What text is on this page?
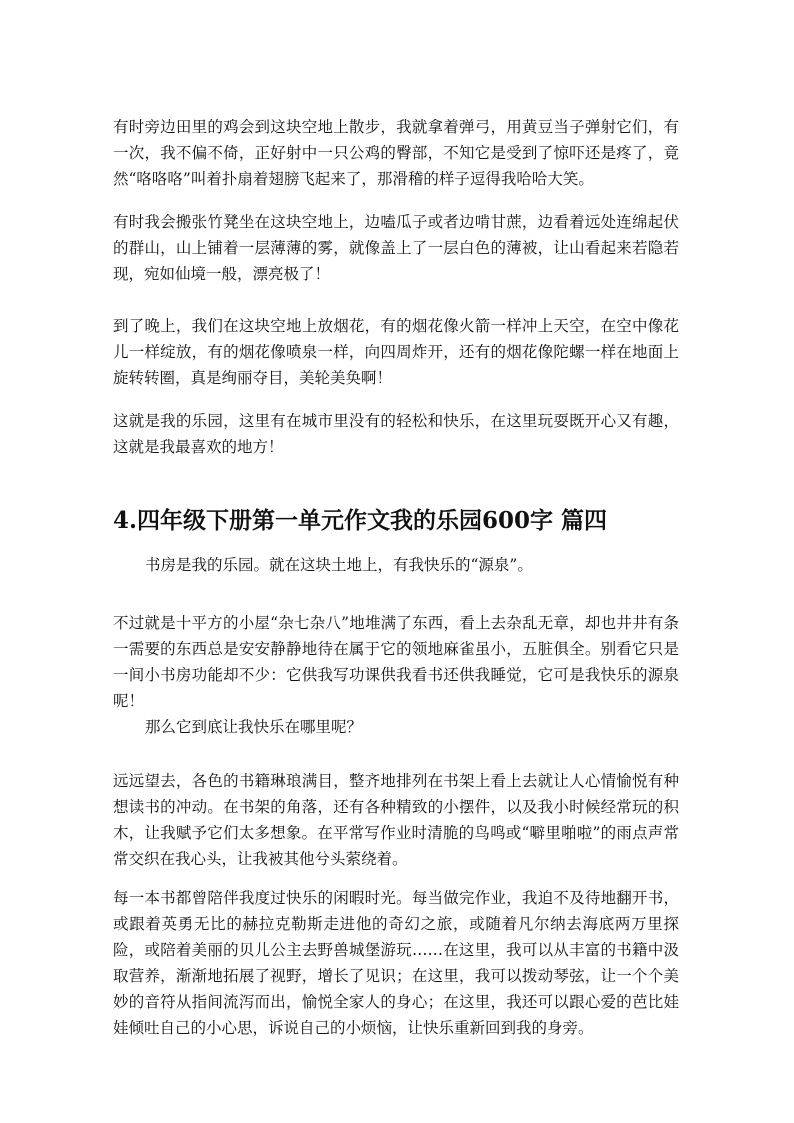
有时旁边田里的鸡会到这块空地上散步，我就拿着弹弓，用黄豆当子弹射它们，有一次，我不偏不倚，正好射中一只公鸡的臀部，不知它是受到了惊吓还是疼了，竟然“咯咯咯”叫着扑扇着翅膀飞起来了，那滑稽的样子逗得我哈哈大笑。

有时我会搬张竹凳坐在这块空地上，边嗑瓜子或者边啃甘蔗，边看着远处连绵起伏的群山，山上铺着一层薄薄的雾，就像盖上了一层白色的薄被，让山看起来若隐若现，宛如仙境一般，漂亮极了！

到了晚上，我们在这块空地上放烟花，有的烟花像火箭一样冲上天空，在空中像花儿一样绽放，有的烟花像喷泉一样，向四周炸开，还有的烟花像陀螺一样在地面上旋转转圈，真是绚丽夺目，美轮美奂啊！

这就是我的乐园，这里有在城市里没有的轻松和快乐，在这里玩耍既开心又有趣，这就是我最喜欢的地方！

4.四年级下册第一单元作文我的乐园600字 篇四

书房是我的乐园。就在这块土地上，有我快乐的“源泉”。

不过就是十平方的小屋“杂七杂八”地堆满了东西，看上去杂乱无章，却也井井有条一需要的东西总是安安静静地待在属于它的领地麻雀虽小，五脏俱全。别看它只是一间小书房功能却不少：它供我写功课供我看书还供我睡觉，它可是我快乐的源泉呢！

那么它到底让我快乐在哪里呢？

远远望去，各色的书籍琳琅满目，整齐地排列在书架上看上去就让人心情愉悦有种想读书的冲动。在书架的角落，还有各种精致的小摆件，以及我小时候经常玩的积木，让我赋予它们太多想象。在平常写作业时清脆的鸟鸣或“噼里啪啦”的雨点声常常交织在我心头，让我被其他兮头萦绕着。

每一本书都曾陪伴我度过快乐的闲暇时光。每当做完作业，我迫不及待地翻开书，或跟着英勇无比的赫拉克勒斯走进他的奇幻之旅，或随着凡尔纳去海底两万里探险，或陪着美丽的贝儿公主去野兽城堡游玩……在这里，我可以从丰富的书籍中汲取营养，渐渐地拓展了视野，增长了见识；在这里，我可以拨动琴弦，让一个个美妙的音符从指间流泻而出，愉悦全家人的身心；在这里，我还可以跟心爱的芭比娃娃倾吐自己的小心思，诉说自己的小烦恼，让快乐重新回到我的身旁。
